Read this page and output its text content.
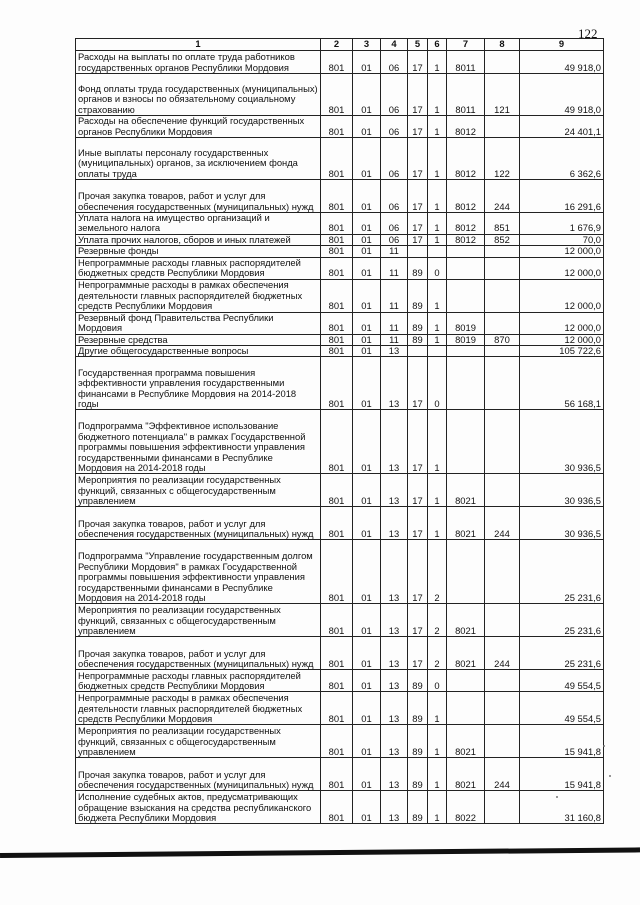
122
1	2	3	4	5	6	7	8	9
Расходы на выплаты по оплате труда работников государственных органов Республики Мордовия	801	01	06	17	1	8011		49 918,0
Фонд оплаты труда государственных (муниципальных) органов и взносы по обязательному социальному страхованию	801	01	06	17	1	8011	121	49 918,0
Расходы на обеспечение функций государственных органов Республики Мордовия	801	01	06	17	1	8012		24 401,1
Иные выплаты персоналу государственных (муниципальных) органов, за исключением фонда оплаты труда	801	01	06	17	1	8012	122	6 362,6
Прочая закупка товаров, работ и услуг для обеспечения государственных (муниципальных) нужд	801	01	06	17	1	8012	244	16 291,6
Уплата налога на имущество организаций и земельного налога	801	01	06	17	1	8012	851	1 676,9
Уплата прочих налогов, сборов и иных платежей	801	01	06	17	1	8012	852	70,0
Резервные фонды	801	01	11					12 000,0
Непрограммные расходы главных распорядителей бюджетных средств Республики Мордовия	801	01	11	89	0			12 000,0
Непрограммные расходы в рамках обеспечения деятельности главных распорядителей бюджетных средств Республики Мордовия	801	01	11	89	1			12 000,0
Резервный фонд Правительства Республики Мордовия	801	01	11	89	1	8019		12 000,0
Резервные средства	801	01	11	89	1	8019	870	12 000,0
Другие общегосударственные вопросы	801	01	13					105 722,6
Государственная программа повышения эффективности управления государственными финансами в Республике Мордовия на 2014-2018 годы	801	01	13	17	0			56 168,1
Подпрограмма "Эффективное использование бюджетного потенциала" в рамках Государственной программы повышения эффективности управления государственными финансами в Республике Мордовия на 2014-2018 годы	801	01	13	17	1			30 936,5
Мероприятия по реализации государственных функций, связанных с общегосударственным управлением	801	01	13	17	1	8021		30 936,5
Прочая закупка товаров, работ и услуг для обеспечения государственных (муниципальных) нужд	801	01	13	17	1	8021	244	30 936,5
Подпрограмма "Управление государственным долгом Республики Мордовия" в рамках Государственной программы повышения эффективности управления государственными финансами в Республике Мордовия на 2014-2018 годы	801	01	13	17	2			25 231,6
Мероприятия по реализации государственных функций, связанных с общегосударственным управлением	801	01	13	17	2	8021		25 231,6
Прочая закупка товаров, работ и услуг для обеспечения государственных (муниципальных) нужд	801	01	13	17	2	8021	244	25 231,6
Непрограммные расходы главных распорядителей бюджетных средств Республики Мордовия	801	01	13	89	0			49 554,5
Непрограммные расходы в рамках обеспечения деятельности главных распорядителей бюджетных средств Республики Мордовия	801	01	13	89	1			49 554,5
Мероприятия по реализации государственных функций, связанных с общегосударственным управлением	801	01	13	89	1	8021		15 941,8
Прочая закупка товаров, работ и услуг для обеспечения государственных (муниципальных) нужд	801	01	13	89	1	8021	244	15 941,8
Исполнение судебных актов, предусматривающих обращение взыскания на средства республиканского бюджета Республики Мордовия	801	01	13	89	1	8022		31 160,8
